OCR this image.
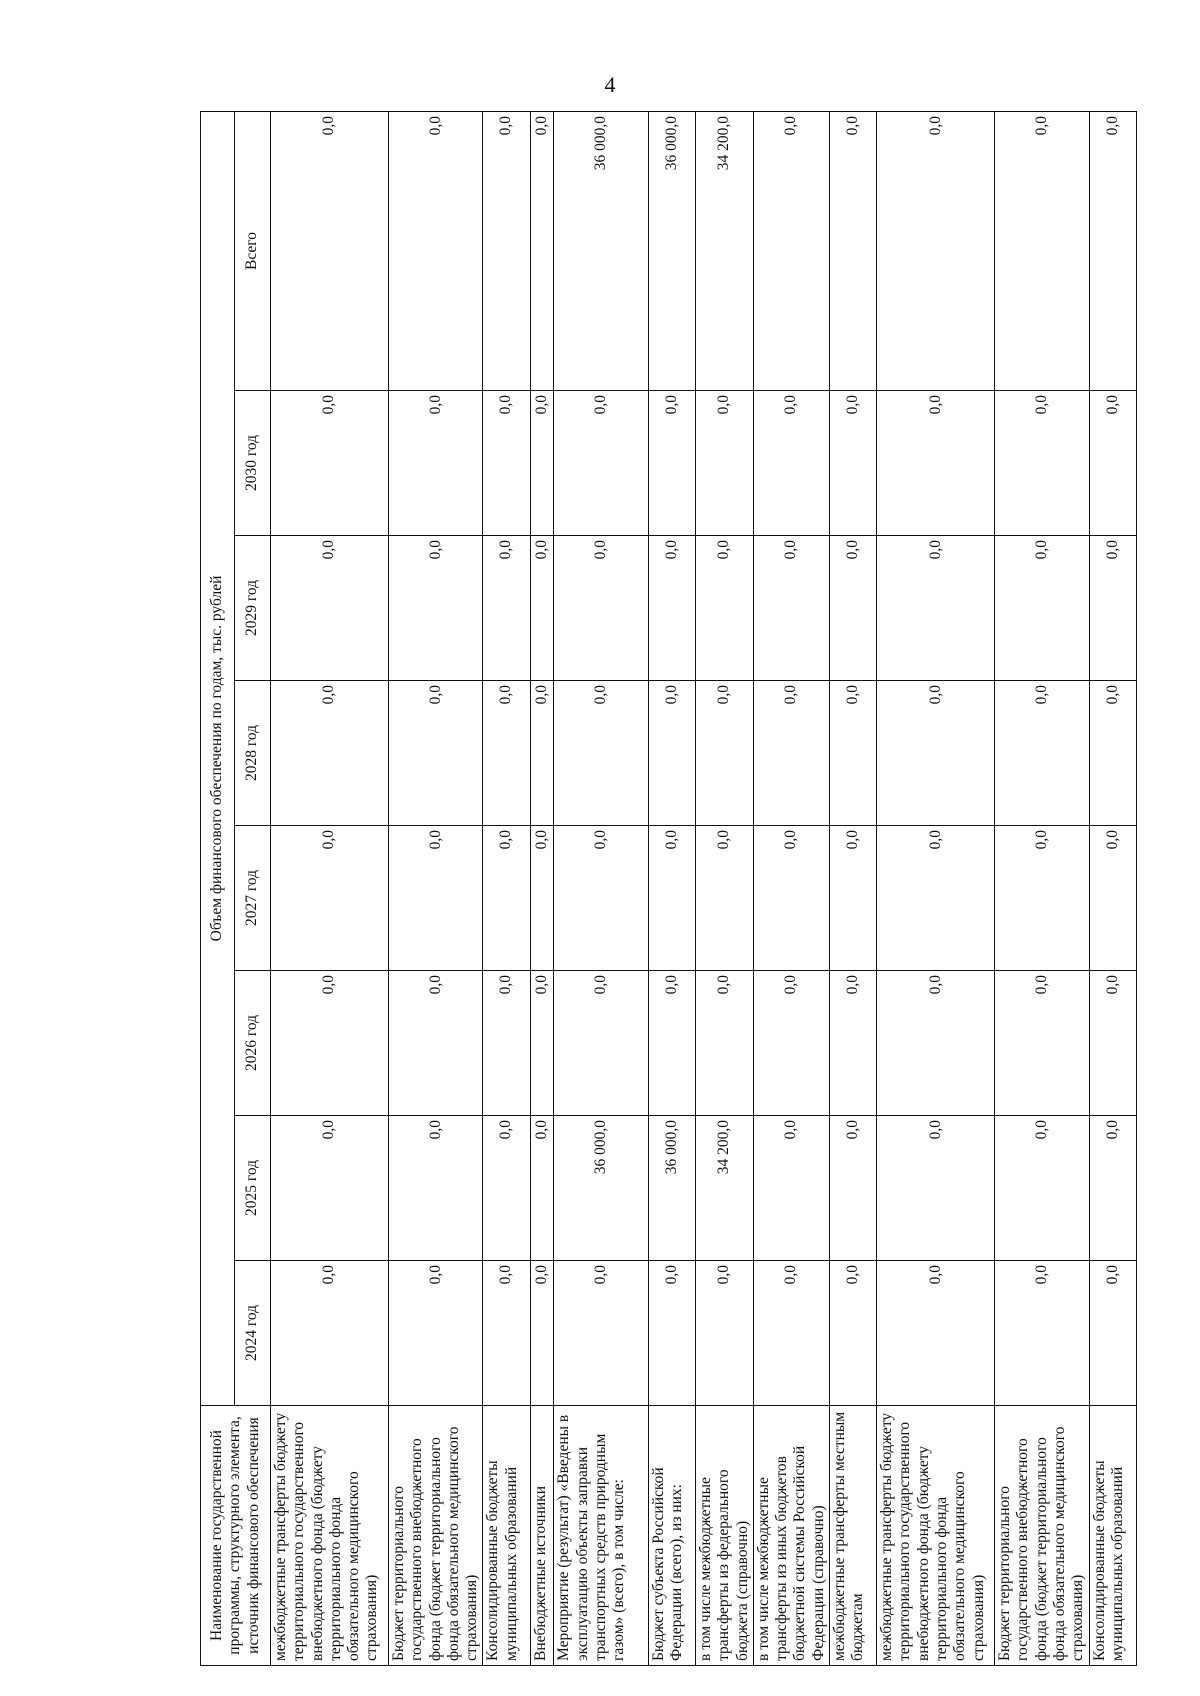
4
Наименование государственной программы, структурного элемента, источник финансового обеспечения	Объем финансового обеспечения по годам, тыс. рублей							
	2024 год	2025 год	2026 год	2027 год	2028 год	2029 год	2030 год	Всего
межбюджетные трансферты бюджету территориального государственного внебюджетного фонда (бюджету территориального фонда обязательного медицинского страхования)	0,0	0,0	0,0	0,0	0,0	0,0	0,0	0,0
Бюджет территориального государственного внебюджетного фонда (бюджет территориального фонда обязательного медицинского страхования)	0,0	0,0	0,0	0,0	0,0	0,0	0,0	0,0
Консолидированные бюджеты муниципальных образований	0,0	0,0	0,0	0,0	0,0	0,0	0,0	0,0
Внебюджетные источники	0,0	0,0	0,0	0,0	0,0	0,0	0,0	0,0
Мероприятие (результат) «Введены в эксплуатацию объекты заправки транспортных средств природным газом» (всего), в том числе:	0,0	36 000,0	0,0	0,0	0,0	0,0	0,0	36 000,0
Бюджет субъекта Российской Федерации (всего), из них:	0,0	36 000,0	0,0	0,0	0,0	0,0	0,0	36 000,0
в том числе межбюджетные трансферты из федерального бюджета (справочно)	0,0	34 200,0	0,0	0,0	0,0	0,0	0,0	34 200,0
в том числе межбюджетные трансферты из иных бюджетов бюджетной системы Российской Федерации (справочно)	0,0	0,0	0,0	0,0	0,0	0,0	0,0	0,0
межбюджетные трансферты местным бюджетам	0,0	0,0	0,0	0,0	0,0	0,0	0,0	0,0
межбюджетные трансферты бюджету территориального государственного внебюджетного фонда (бюджету территориального фонда обязательного медицинского страхования)	0,0	0,0	0,0	0,0	0,0	0,0	0,0	0,0
Бюджет территориального государственного внебюджетного фонда (бюджет территориального фонда обязательного медицинского страхования)	0,0	0,0	0,0	0,0	0,0	0,0	0,0	0,0
Консолидированные бюджеты муниципальных образований	0,0	0,0	0,0	0,0	0,0	0,0	0,0	0,0
